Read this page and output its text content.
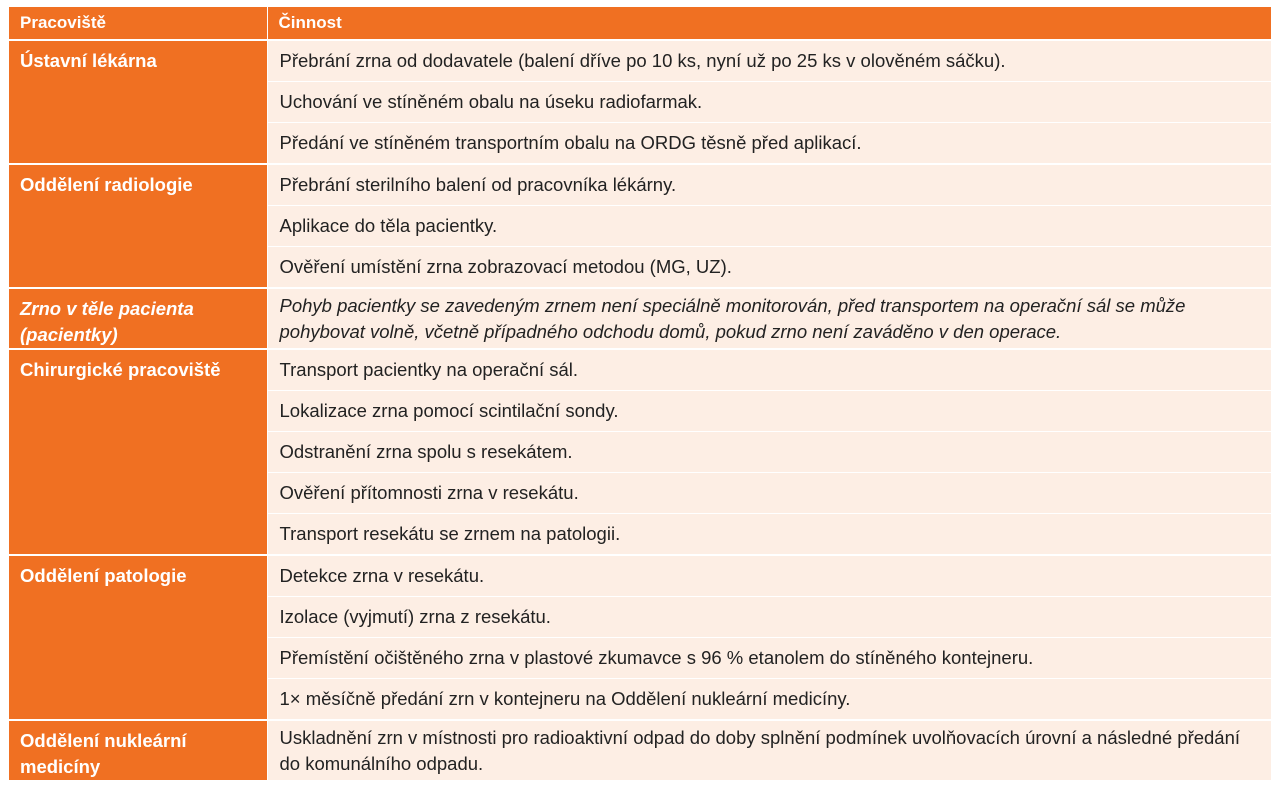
Pracoviště	Činnost
Ústavní lékárna	Přebrání zrna od dodavatele (balení dříve po 10 ks, nyní už po 25 ks v olověném sáčku).
	Uchování ve stíněném obalu na úseku radiofarmak.
	Předání ve stíněném transportním obalu na ORDG těsně před aplikací.
Oddělení radiologie	Přebrání sterilního balení od pracovníka lékárny.
	Aplikace do těla pacientky.
	Ověření umístění zrna zobrazovací metodou (MG, UZ).
Zrno v těle pacienta (pacientky)	Pohyb pacientky se zavedeným zrnem není speciálně monitorován, před transportem na operační sál se může pohybovat volně, včetně případného odchodu domů, pokud zrno není zaváděno v den operace.
Chirurgické pracoviště	Transport pacientky na operační sál.
	Lokalizace zrna pomocí scintilační sondy.
	Odstranění zrna spolu s resekátem.
	Ověření přítomnosti zrna v resekátu.
	Transport resekátu se zrnem na patologii.
Oddělení patologie	Detekce zrna v resekátu.
	Izolace (vyjmutí) zrna z resekátu.
	Přemístění očištěného zrna v plastové zkumavce s 96 % etanolem do stíněného kontejneru.
	1× měsíčně předání zrn v kontejneru na Oddělení nukleární medicíny.
Oddělení nukleární medicíny	Uskladnění zrn v místnosti pro radioaktivní odpad do doby splnění podmínek uvolňovacích úrovní a následné předání do komunálního odpadu.
